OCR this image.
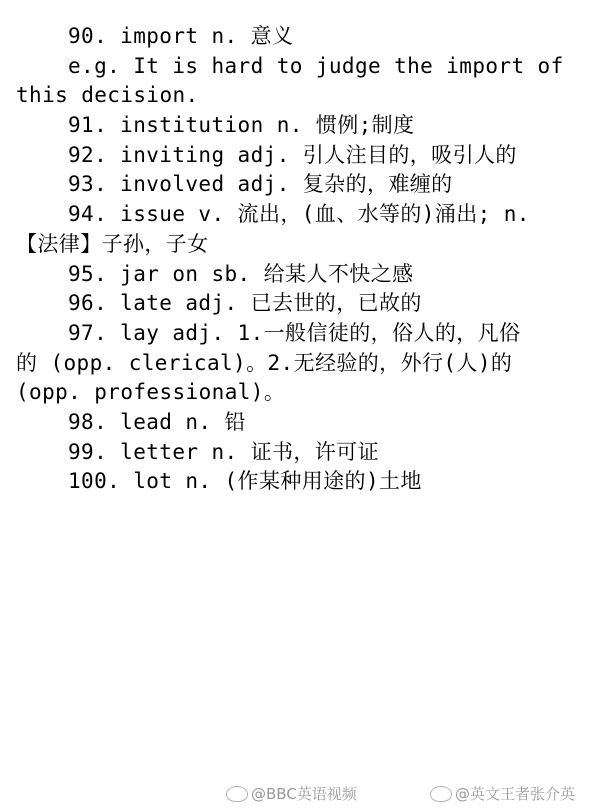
90. import n. 意义
e.g. It is hard to judge the import of
this decision.
91. institution n. 惯例;制度
92. inviting adj. 引人注目的，吸引人的
93. involved adj. 复杂的，难缠的
94. issue v. 流出，(血、水等的)涌出; n.
【法律】子孙，子女
95. jar on sb. 给某人不快之感
96. late adj. 已去世的，已故的
97. lay adj. 1.一般信徒的，俗人的，凡俗
的 (opp. clerical)。2.无经验的，外行(人)的
(opp. professional)。
98. lead n. 铅
99. letter n. 证书，许可证
100. lot n. (作某种用途的)土地
@BBC英语视频	@英文王者张介英
